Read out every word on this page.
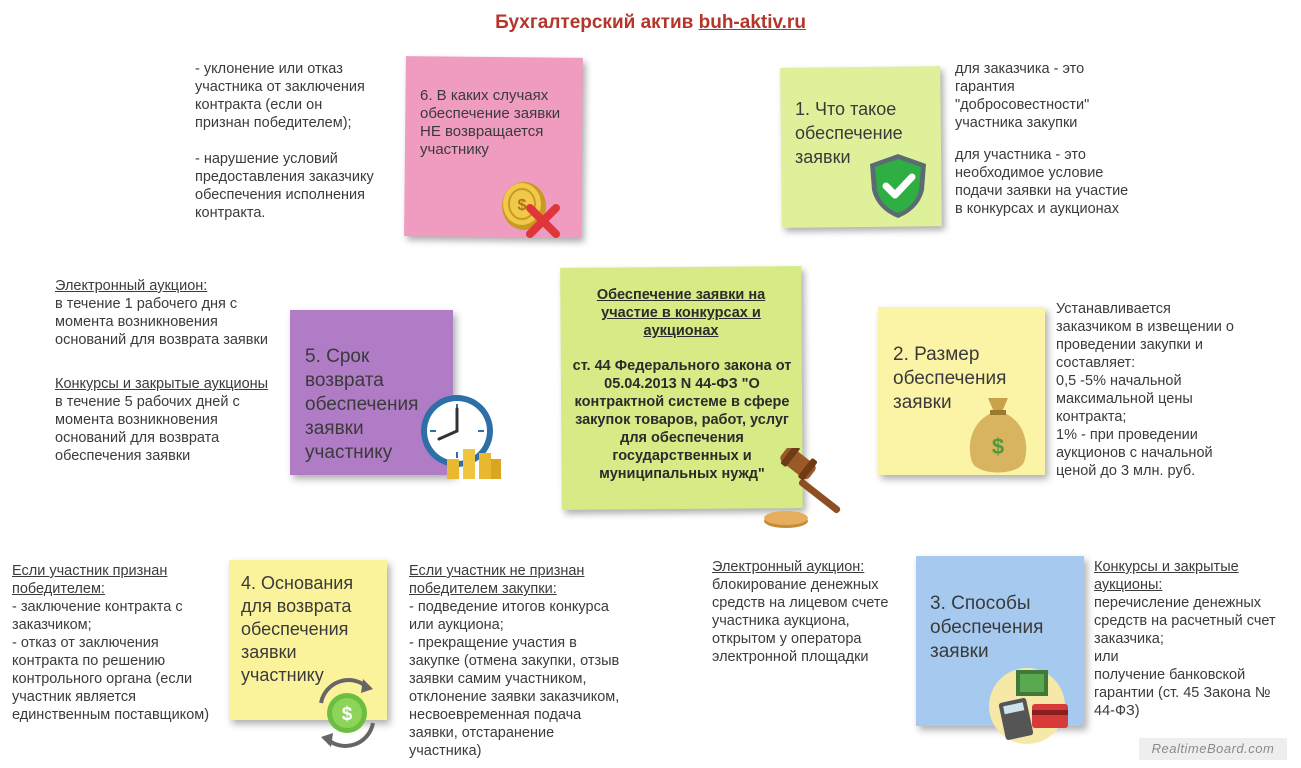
Бухгалтерский актив buh-aktiv.ru
6. В каких случаях обеспечение заявки НЕ возвращается участнику
$
- уклонение или отказ
участника от заключения
контракта (если он
признан победителем);

- нарушение условий
предоставления заказчику
обеспечения исполнения
контракта.
1. Что такое обеспечение заявки
для заказчика - это
гарантия
"добросовестности"
участника закупки
для участника - это
необходимое условие
подачи заявки на участие
в конкурсах и аукционах
Обеспечение заявки на участие в конкурсах и аукционах
ст. 44 Федерального закона от 05.04.2013 N 44-ФЗ "О контрактной системе в сфере закупок товаров, работ, услуг для обеспечения государственных и муниципальных нужд"
5. Срок возврата обеспечения заявки участнику
Электронный аукцион:
в течение 1 рабочего дня с
момента возникновения
оснований для возврата заявки
Конкурсы и закрытые аукционы
в течение 5 рабочих дней с
момента возникновения
оснований для возврата
обеспечения заявки
2. Размер обеспечения заявки
$
Устанавливается
заказчиком в извещении о
проведении закупки и
составляет:
0,5 -5% начальной
максимальной цены
контракта;
1% - при проведении
аукционов с начальной
ценой до 3 млн. руб.
4. Основания для возврата обеспечения заявки участнику
$
Если участник признан
победителем:
- заключение контракта с
заказчиком;
- отказ от заключения
контракта по решению
контрольного органа (если
участник является
единственным поставщиком)
Если участник не признан
победителем закупки:
- подведение итогов конкурса
или аукциона;
- прекращение участия в
закупке (отмена закупки, отзыв
заявки самим участником,
отклонение заявки заказчиком,
несвоевременная подача
заявки, отстаранение
участника)
3. Способы обеспечения заявки
Электронный аукцион:
блокирование денежных
средств на лицевом счете
участника аукциона,
открытом у оператора
электронной площадки
Конкурсы и закрытые
аукционы:
перечисление денежных
средств на расчетный счет
заказчика;
или
получение банковской
гарантии (ст. 45 Закона №
44-ФЗ)
RealtimeBoard.com
